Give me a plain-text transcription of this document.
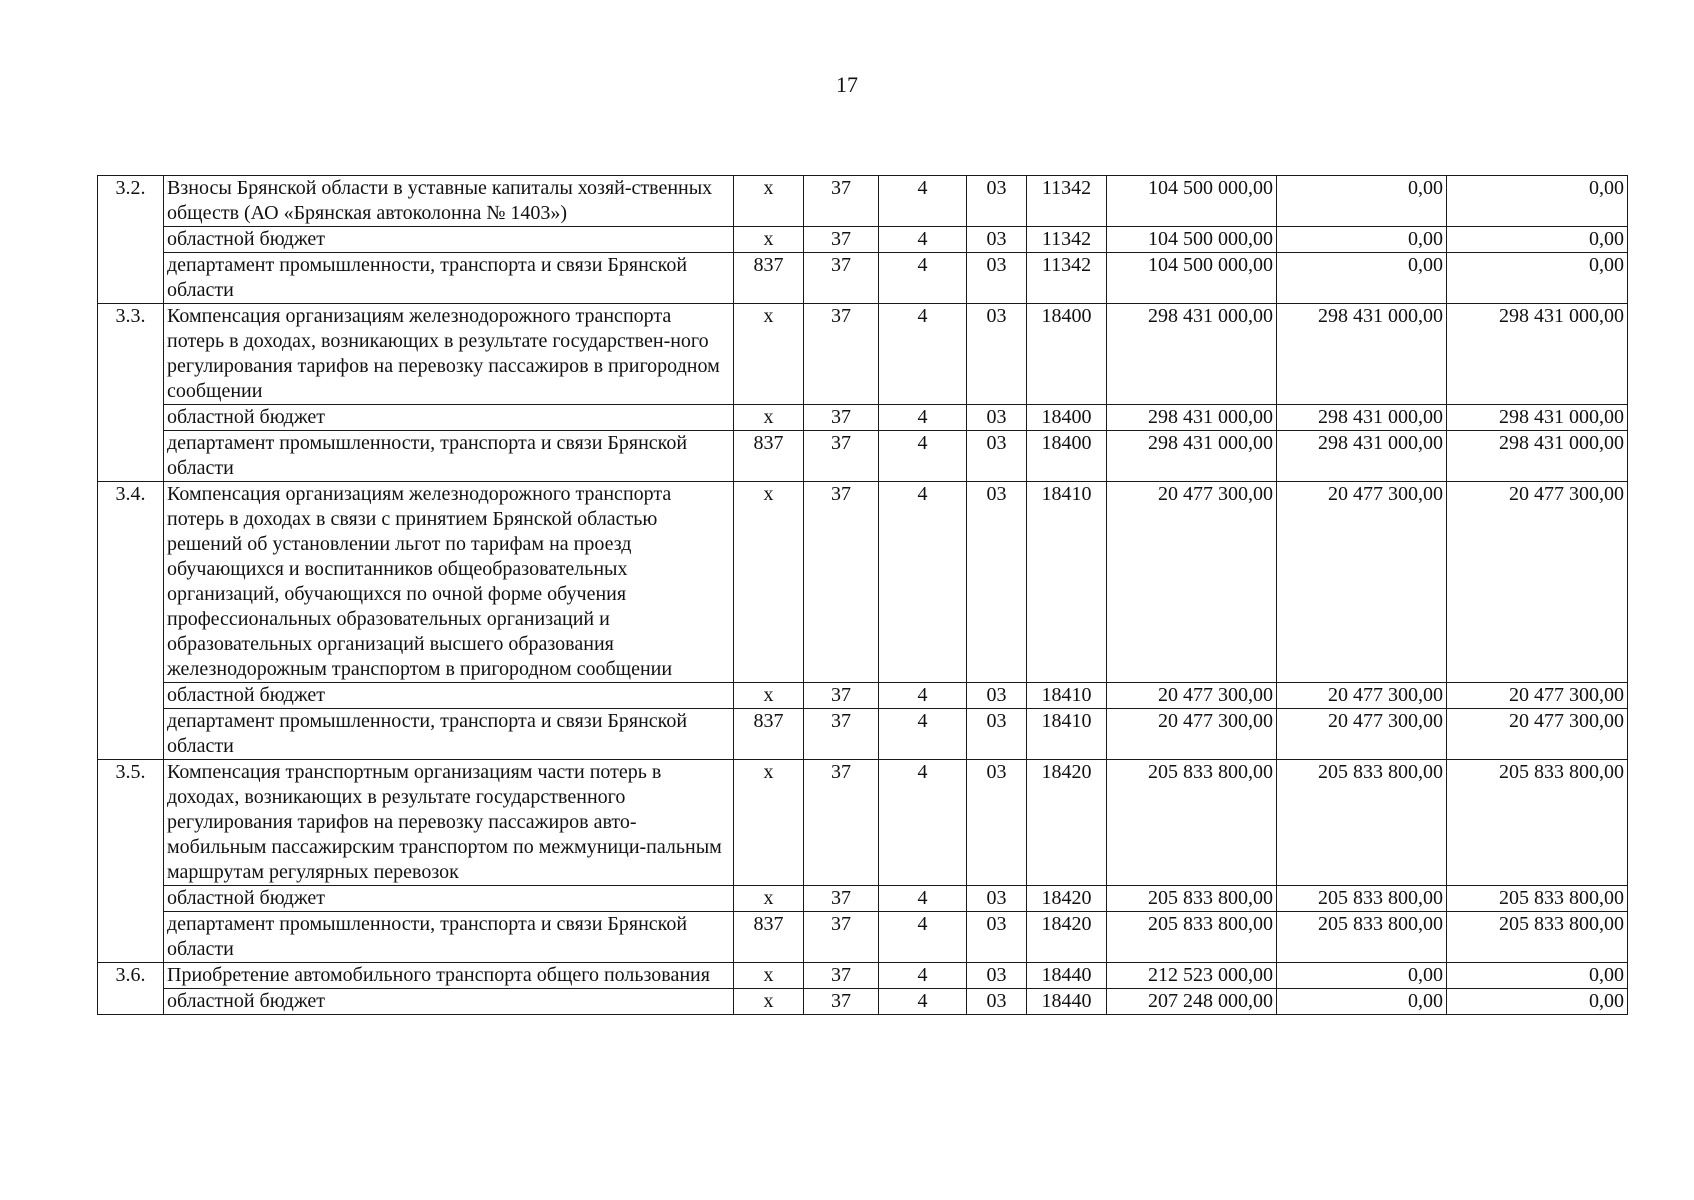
17
3.2.	Взносы Брянской области в уставные капиталы хозяй-ственных обществ (АО «Брянская автоколонна № 1403»)	х	37	4	03	11342	104 500 000,00	0,00	0,00
	областной бюджет	х	37	4	03	11342	104 500 000,00	0,00	0,00
	департамент промышленности, транспорта и связи Брянской области	837	37	4	03	11342	104 500 000,00	0,00	0,00
3.3.	Компенсация организациям железнодорожного транспорта потерь в доходах, возникающих в результате государствен-ного регулирования тарифов на перевозку пассажиров в пригородном сообщении	х	37	4	03	18400	298 431 000,00	298 431 000,00	298 431 000,00
	областной бюджет	х	37	4	03	18400	298 431 000,00	298 431 000,00	298 431 000,00
	департамент промышленности, транспорта и связи Брянской области	837	37	4	03	18400	298 431 000,00	298 431 000,00	298 431 000,00
3.4.	Компенсация организациям железнодорожного транспорта потерь в доходах в связи с принятием Брянской областью решений об установлении льгот по тарифам на проезд обучающихся и воспитанников общеобразовательных организаций, обучающихся по очной форме обучения профессиональных образовательных организаций и образовательных организаций высшего образования железнодорожным транспортом в пригородном сообщении	х	37	4	03	18410	20 477 300,00	20 477 300,00	20 477 300,00
	областной бюджет	х	37	4	03	18410	20 477 300,00	20 477 300,00	20 477 300,00
	департамент промышленности, транспорта и связи Брянской области	837	37	4	03	18410	20 477 300,00	20 477 300,00	20 477 300,00
3.5.	Компенсация транспортным организациям части потерь в доходах, возникающих в результате государственного регулирования тарифов на перевозку пассажиров авто-мобильным пассажирским транспортом по межмуници-пальным маршрутам регулярных перевозок	х	37	4	03	18420	205 833 800,00	205 833 800,00	205 833 800,00
	областной бюджет	х	37	4	03	18420	205 833 800,00	205 833 800,00	205 833 800,00
	департамент промышленности, транспорта и связи Брянской области	837	37	4	03	18420	205 833 800,00	205 833 800,00	205 833 800,00
3.6.	Приобретение автомобильного транспорта общего пользования	х	37	4	03	18440	212 523 000,00	0,00	0,00
	областной бюджет	х	37	4	03	18440	207 248 000,00	0,00	0,00
